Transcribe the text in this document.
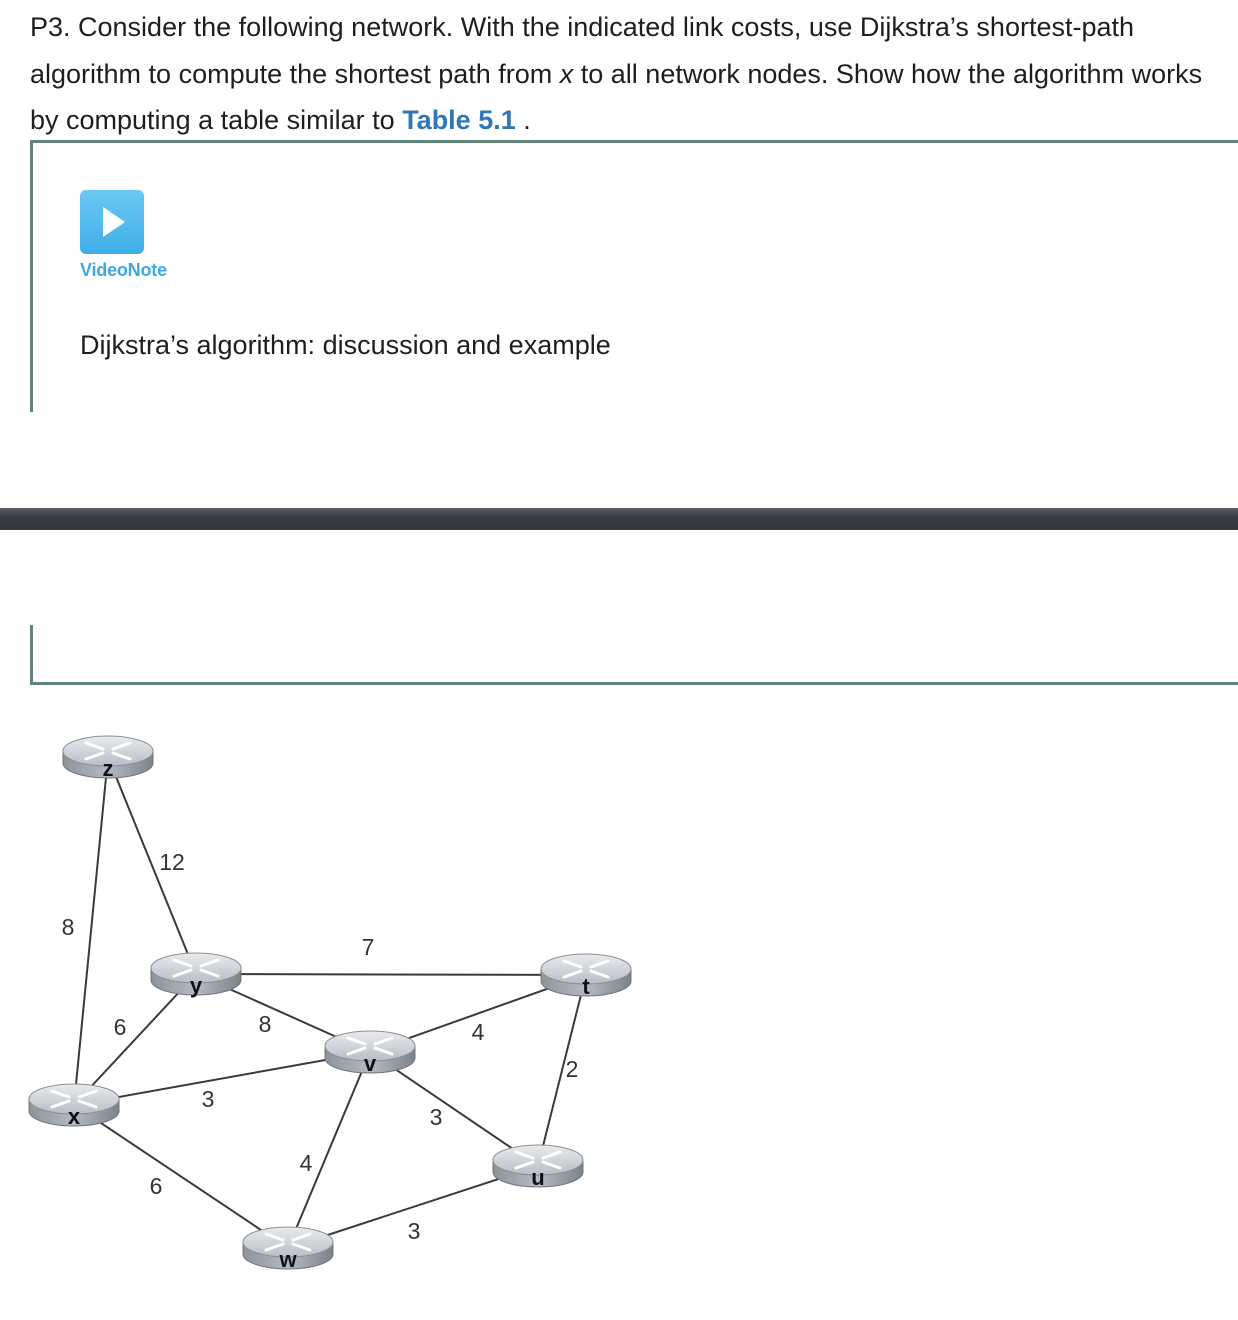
P3. Consider the following network. With the indicated link costs, use Dijkstra’s shortest-path algorithm to compute the shortest path from x to all network nodes. Show how the algorithm works by computing a table similar to Table 5.1 .

VideoNote
Dijkstra’s algorithm: discussion and example
8
12
7
6	8	4
3
2
3
6
4
3
z
y
x
v
t
u
w
